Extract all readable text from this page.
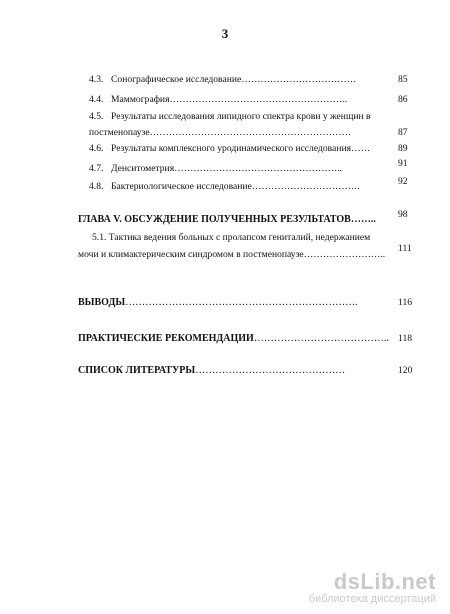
3
4.3. Сонографическое исследование………………………………	85
4.4. Маммография………………………………………………..	86
4.5. Результаты исследования липидного спектра крови у женщин в
постменопаузе………………………………………………………	87
4.6. Результаты комплексного уродинамического исследования……	89
4.7. Денситометрия……………………………………………..	91
4.8. Бактериологическое исследование…………………………….	92
ГЛАВА V. ОБСУЖДЕНИЕ ПОЛУЧЕННЫХ РЕЗУЛЬТАТОВ…….. 98
5.1. Тактика ведения больных с пролапсом гениталий, недержанием
мочи и климактерическим синдромом в постменопаузе……………………..
111
ВЫВОДЫ…………………………………………………………….	116
ПРАКТИЧЕСКИЕ РЕКОМЕНДАЦИИ………………………………….. 118
СПИСОК ЛИТЕРАТУРЫ………………………………………	120
dsLib.net
библиотека диссертаций
